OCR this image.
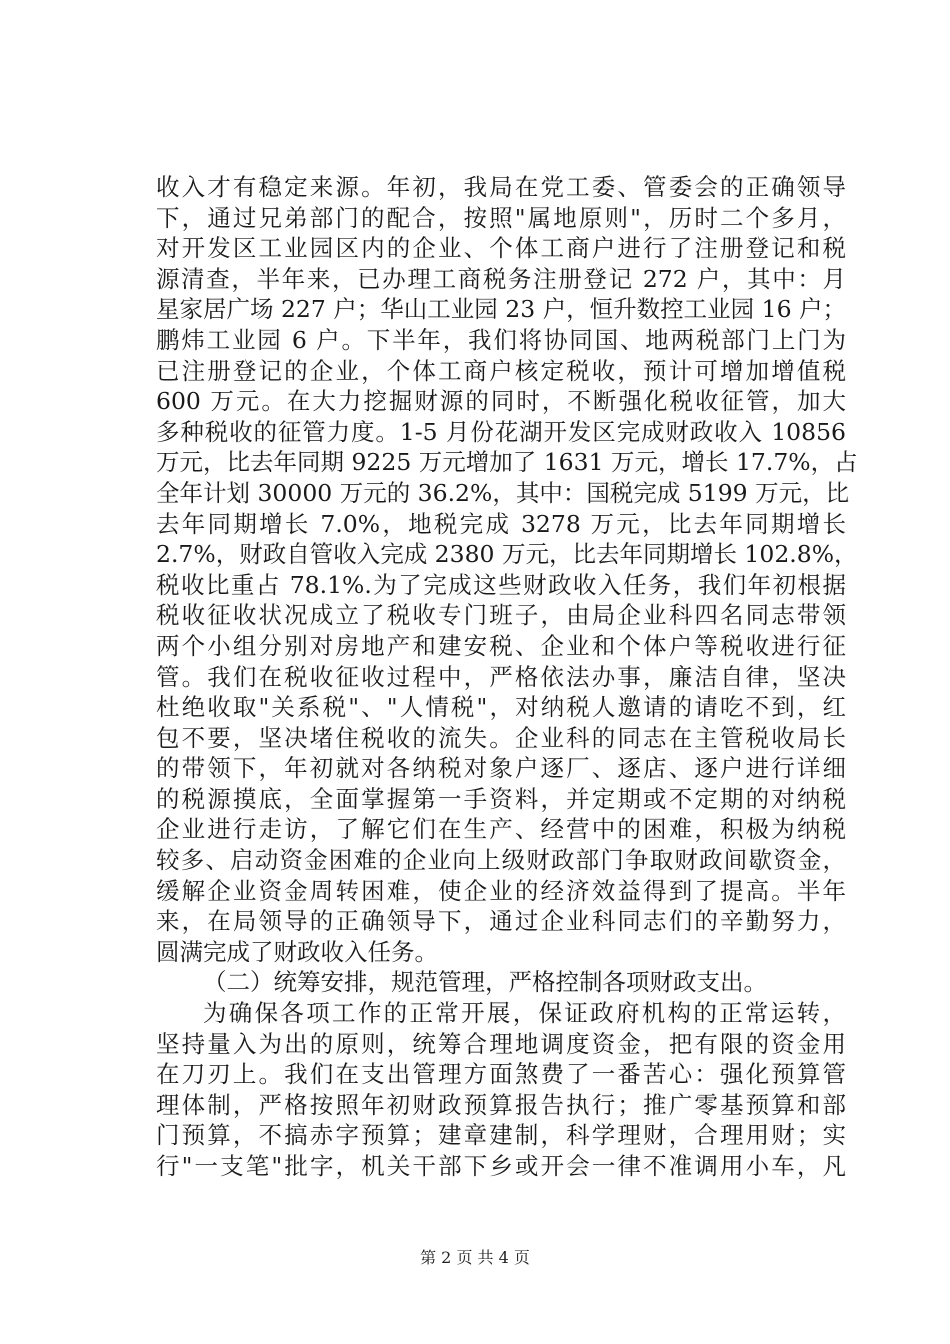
收入才有稳定来源。年初，我局在党工委、管委会的正确领导
下，通过兄弟部门的配合，按照"属地原则"，历时二个多月，
对开发区工业园区内的企业、个体工商户进行了注册登记和税
源清查，半年来，已办理工商税务注册登记 272 户，其中：月
星家居广场 227 户；华山工业园 23 户，恒升数控工业园 16 户；
鹏炜工业园 6 户。下半年，我们将协同国、地两税部门上门为
已注册登记的企业，个体工商户核定税收，预计可增加增值税
600 万元。在大力挖掘财源的同时，不断强化税收征管，加大
多种税收的征管力度。1-5 月份花湖开发区完成财政收入 10856
万元，比去年同期 9225 万元增加了 1631 万元，增长 17.7%，占
全年计划 30000 万元的 36.2%，其中：国税完成 5199 万元，比
去年同期增长 7.0%，地税完成 3278 万元，比去年同期增长
2.7%，财政自管收入完成 2380 万元，比去年同期增长 102.8%，
税收比重占 78.1%.为了完成这些财政收入任务，我们年初根据
税收征收状况成立了税收专门班子，由局企业科四名同志带领
两个小组分别对房地产和建安税、企业和个体户等税收进行征
管。我们在税收征收过程中，严格依法办事，廉洁自律，坚决
杜绝收取"关系税"、"人情税"，对纳税人邀请的请吃不到，红
包不要，坚决堵住税收的流失。企业科的同志在主管税收局长
的带领下，年初就对各纳税对象户逐厂、逐店、逐户进行详细
的税源摸底，全面掌握第一手资料，并定期或不定期的对纳税
企业进行走访，了解它们在生产、经营中的困难，积极为纳税
较多、启动资金困难的企业向上级财政部门争取财政间歇资金，
缓解企业资金周转困难，使企业的经济效益得到了提高。半年
来，在局领导的正确领导下，通过企业科同志们的辛勤努力，
圆满完成了财政收入任务。
（二）统筹安排，规范管理，严格控制各项财政支出。
为确保各项工作的正常开展，保证政府机构的正常运转，
坚持量入为出的原则，统筹合理地调度资金，把有限的资金用
在刀刃上。我们在支出管理方面煞费了一番苦心：强化预算管
理体制，严格按照年初财政预算报告执行；推广零基预算和部
门预算，不搞赤字预算；建章建制，科学理财，合理用财；实
行"一支笔"批字，机关干部下乡或开会一律不准调用小车，凡
第 2 页 共 4 页
